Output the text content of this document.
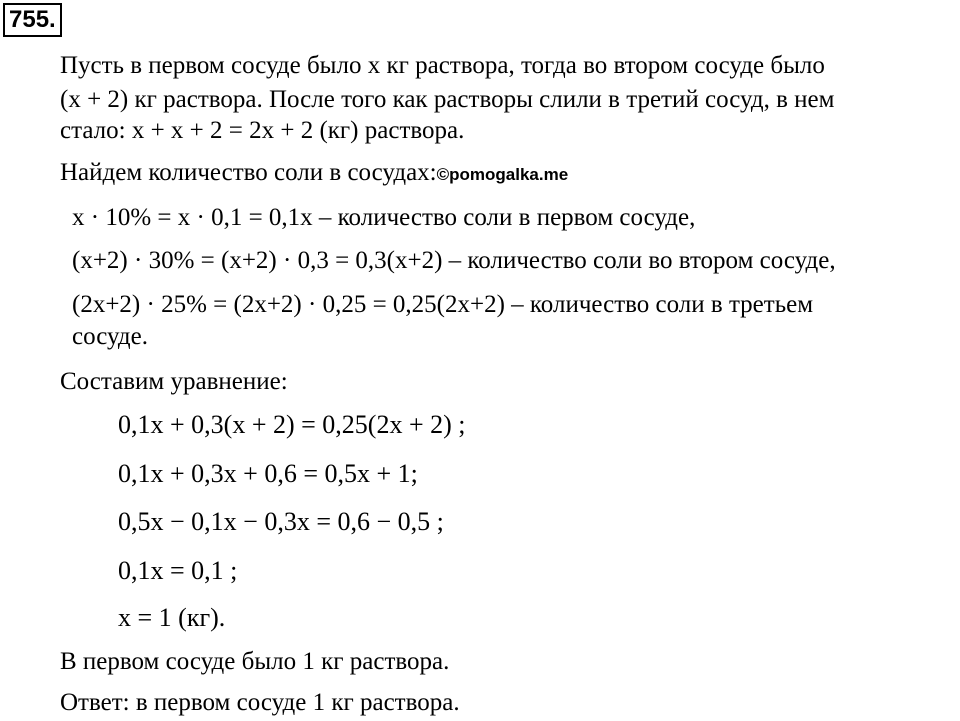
755.
Пусть в первом сосуде было x кг раствора, тогда во втором сосуде было
(x + 2) кг раствора. После того как растворы слили в третий сосуд, в нем
стало: x + x + 2 = 2x + 2 (кг) раствора.
Найдем количество соли в сосудах:©pomogalka.me
x · 10% = x · 0,1 = 0,1x – количество соли в первом сосуде,
(x+2) · 30% = (x+2) · 0,3 = 0,3(x+2) – количество соли во втором сосуде,
(2x+2) · 25% = (2x+2) · 0,25 = 0,25(2x+2) – количество соли в третьем
сосуде.
Составим уравнение:
0,1x + 0,3(x + 2) = 0,25(2x + 2) ;
0,1x + 0,3x + 0,6 = 0,5x + 1;
0,5x − 0,1x − 0,3x = 0,6 − 0,5 ;
0,1x = 0,1 ;
x = 1 (кг).
В первом сосуде было 1 кг раствора.
Ответ: в первом сосуде 1 кг раствора.
